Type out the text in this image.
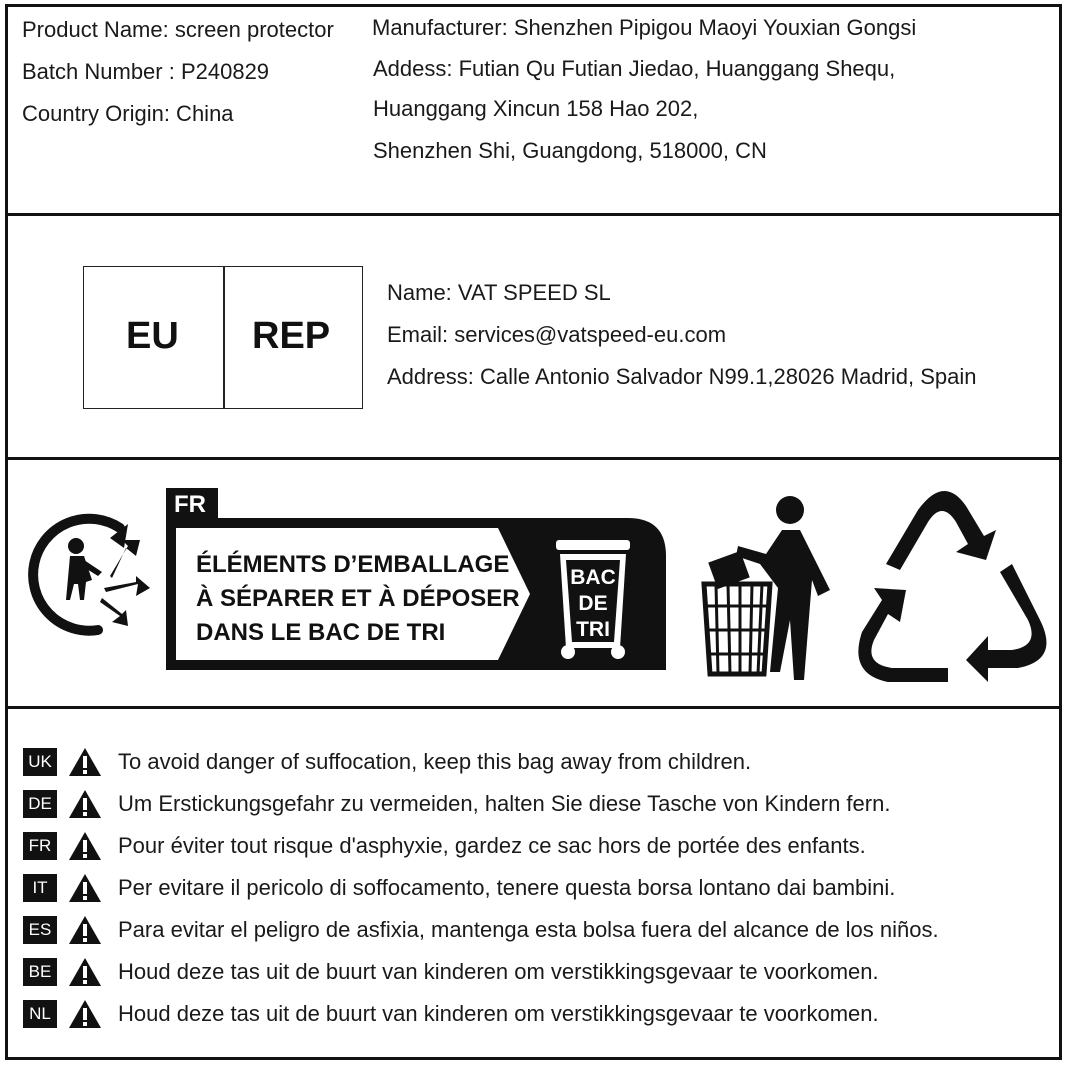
Product Name: screen protector
Batch Number : P240829
Country Origin: China
Manufacturer: Shenzhen Pipigou Maoyi Youxian Gongsi
Addess: Futian Qu Futian Jiedao, Huanggang Shequ,
Huanggang Xincun 158 Hao 202,
Shenzhen Shi, Guangdong, 518000, CN
EU REP
Name: VAT SPEED SL
Email: services@vatspeed-eu.com
Address: Calle Antonio Salvador N99.1,28026 Madrid, Spain
FR
ÉLÉMENTS D’EMBALLAGE
À SÉPARER ET À DÉPOSER
DANS LE BAC DE TRI
BAC
DE
TRI
UK	To avoid danger of suffocation, keep this bag away from children.
DE	Um Erstickungsgefahr zu vermeiden, halten Sie diese Tasche von Kindern fern.
FR	Pour éviter tout risque d'asphyxie, gardez ce sac hors de portée des enfants.
IT	Per evitare il pericolo di soffocamento, tenere questa borsa lontano dai bambini.
ES	Para evitar el peligro de asfixia, mantenga esta bolsa fuera del alcance de los niños.
BE	Houd deze tas uit de buurt van kinderen om verstikkingsgevaar te voorkomen.
NL	Houd deze tas uit de buurt van kinderen om verstikkingsgevaar te voorkomen.
